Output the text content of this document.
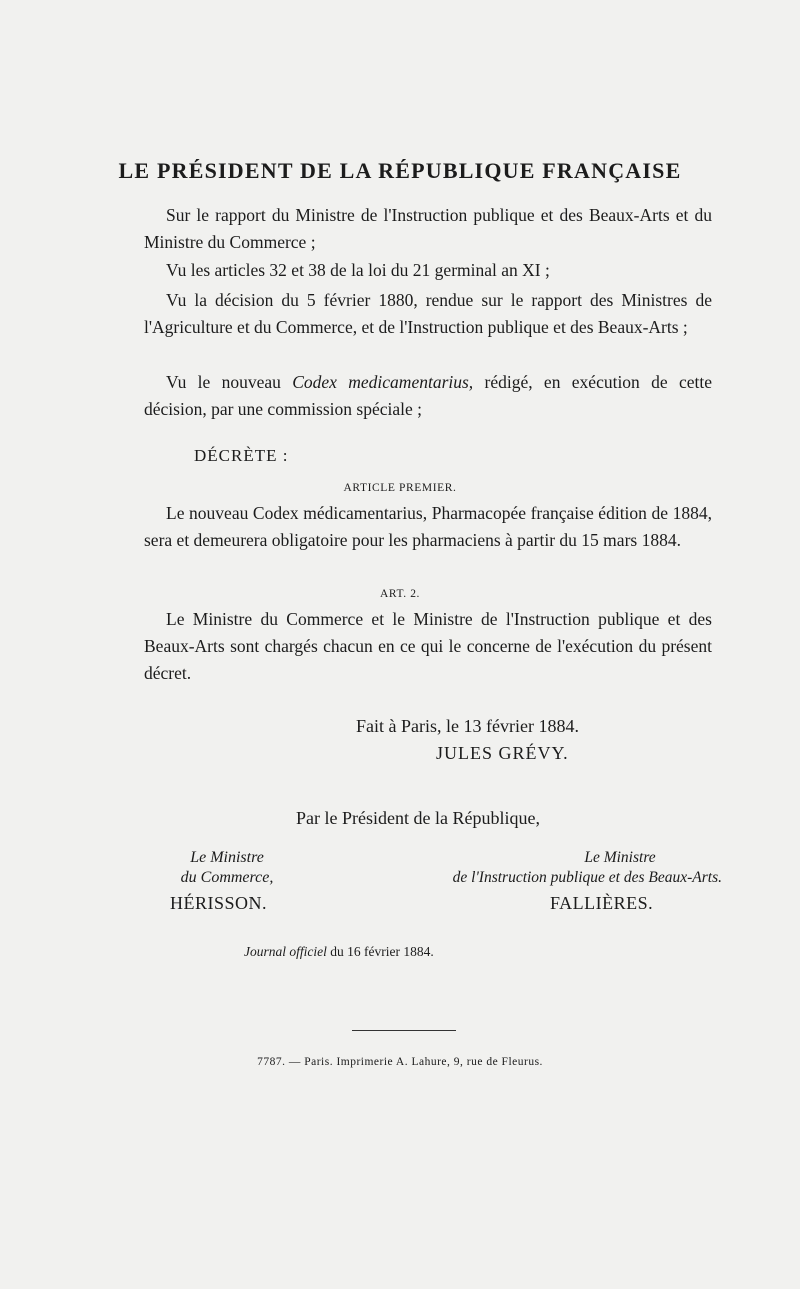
LE PRÉSIDENT DE LA RÉPUBLIQUE FRANÇAISE

Sur le rapport du Ministre de l'Instruction publique et des Beaux-Arts et du Ministre du Commerce ;

Vu les articles 32 et 38 de la loi du 21 germinal an XI ;

Vu la décision du 5 février 1880, rendue sur le rapport des Ministres de l'Agriculture et du Commerce, et de l'Instruction publique et des Beaux-Arts ;

Vu le nouveau Codex medicamentarius, rédigé, en exécution de cette décision, par une commission spéciale ;

DÉCRÈTE :
ARTICLE PREMIER.

Le nouveau Codex médicamentarius, Pharmacopée française édition de 1884, sera et demeurera obligatoire pour les pharmaciens à partir du 15 mars 1884.

ART. 2.

Le Ministre du Commerce et le Ministre de l'Instruction publique et des Beaux-Arts sont chargés chacun en ce qui le concerne de l'exécution du présent décret.

Fait à Paris, le 13 février 1884.
JULES GRÉVY.
Par le Président de la République,
Le Ministre
du Commerce,
Le Ministre
de l'Instruction publique et des Beaux-Arts.
HÉRISSON.	FALLIÈRES.
Journal officiel du 16 février 1884.
7787. — Paris. Imprimerie A. Lahure, 9, rue de Fleurus.
